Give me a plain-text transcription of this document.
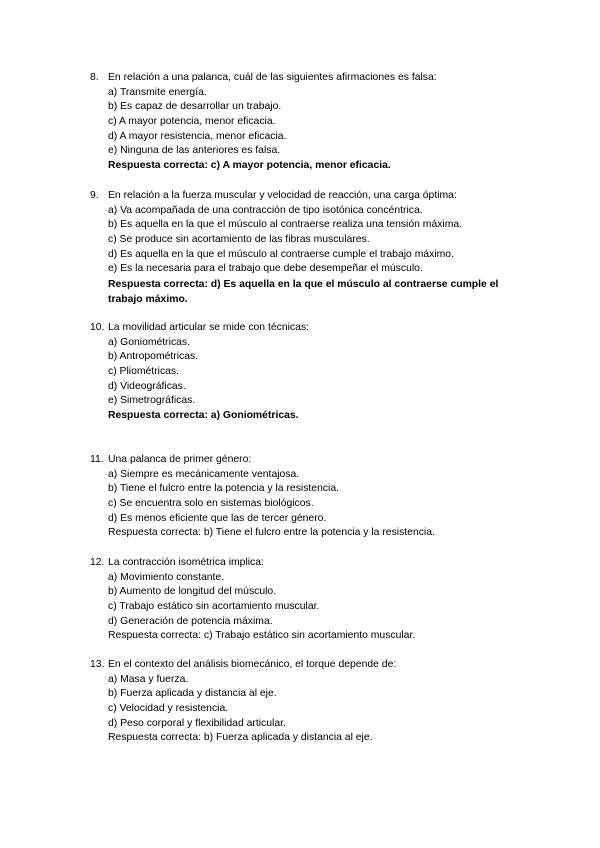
8. En relación a una palanca, cuál de las siguientes afirmaciones es falsa:
a) Transmite energía.
b) Es capaz de desarrollar un trabajo.
c) A mayor potencia, menor eficacia.
d) A mayor resistencia, menor eficacia.
e) Ninguna de las anteriores es falsa.
Respuesta correcta: c) A mayor potencia, menor eficacia.
9. En relación a la fuerza muscular y velocidad de reacción, una carga óptima:
a) Va acompañada de una contracción de tipo isotónica concéntrica.
b) Es aquella en la que el músculo al contraerse realiza una tensión máxima.
c) Se produce sin acortamiento de las fibras musculares.
d) Es aquella en la que el músculo al contraerse cumple el trabajo máximo.
e) Es la necesaria para el trabajo que debe desempeñar el músculo.
Respuesta correcta: d) Es aquella en la que el músculo al contraerse cumple el trabajo máximo.
10. La movilidad articular se mide con técnicas:
a) Goniométricas.
b) Antropométricas.
c) Pliométricas.
d) Videográficas.
e) Simetrográficas.
Respuesta correcta: a) Goniométricas.
11. Una palanca de primer género:
a) Siempre es mecánicamente ventajosa.
b) Tiene el fulcro entre la potencia y la resistencia.
c) Se encuentra solo en sistemas biológicos.
d) Es menos eficiente que las de tercer género.
Respuesta correcta: b) Tiene el fulcro entre la potencia y la resistencia.
12. La contracción isométrica implica:
a) Movimiento constante.
b) Aumento de longitud del músculo.
c) Trabajo estático sin acortamiento muscular.
d) Generación de potencia máxima.
Respuesta correcta: c) Trabajo estático sin acortamiento muscular.
13. En el contexto del análisis biomecánico, el torque depende de:
a) Masa y fuerza.
b) Fuerza aplicada y distancia al eje.
c) Velocidad y resistencia.
d) Peso corporal y flexibilidad articular.
Respuesta correcta: b) Fuerza aplicada y distancia al eje.
